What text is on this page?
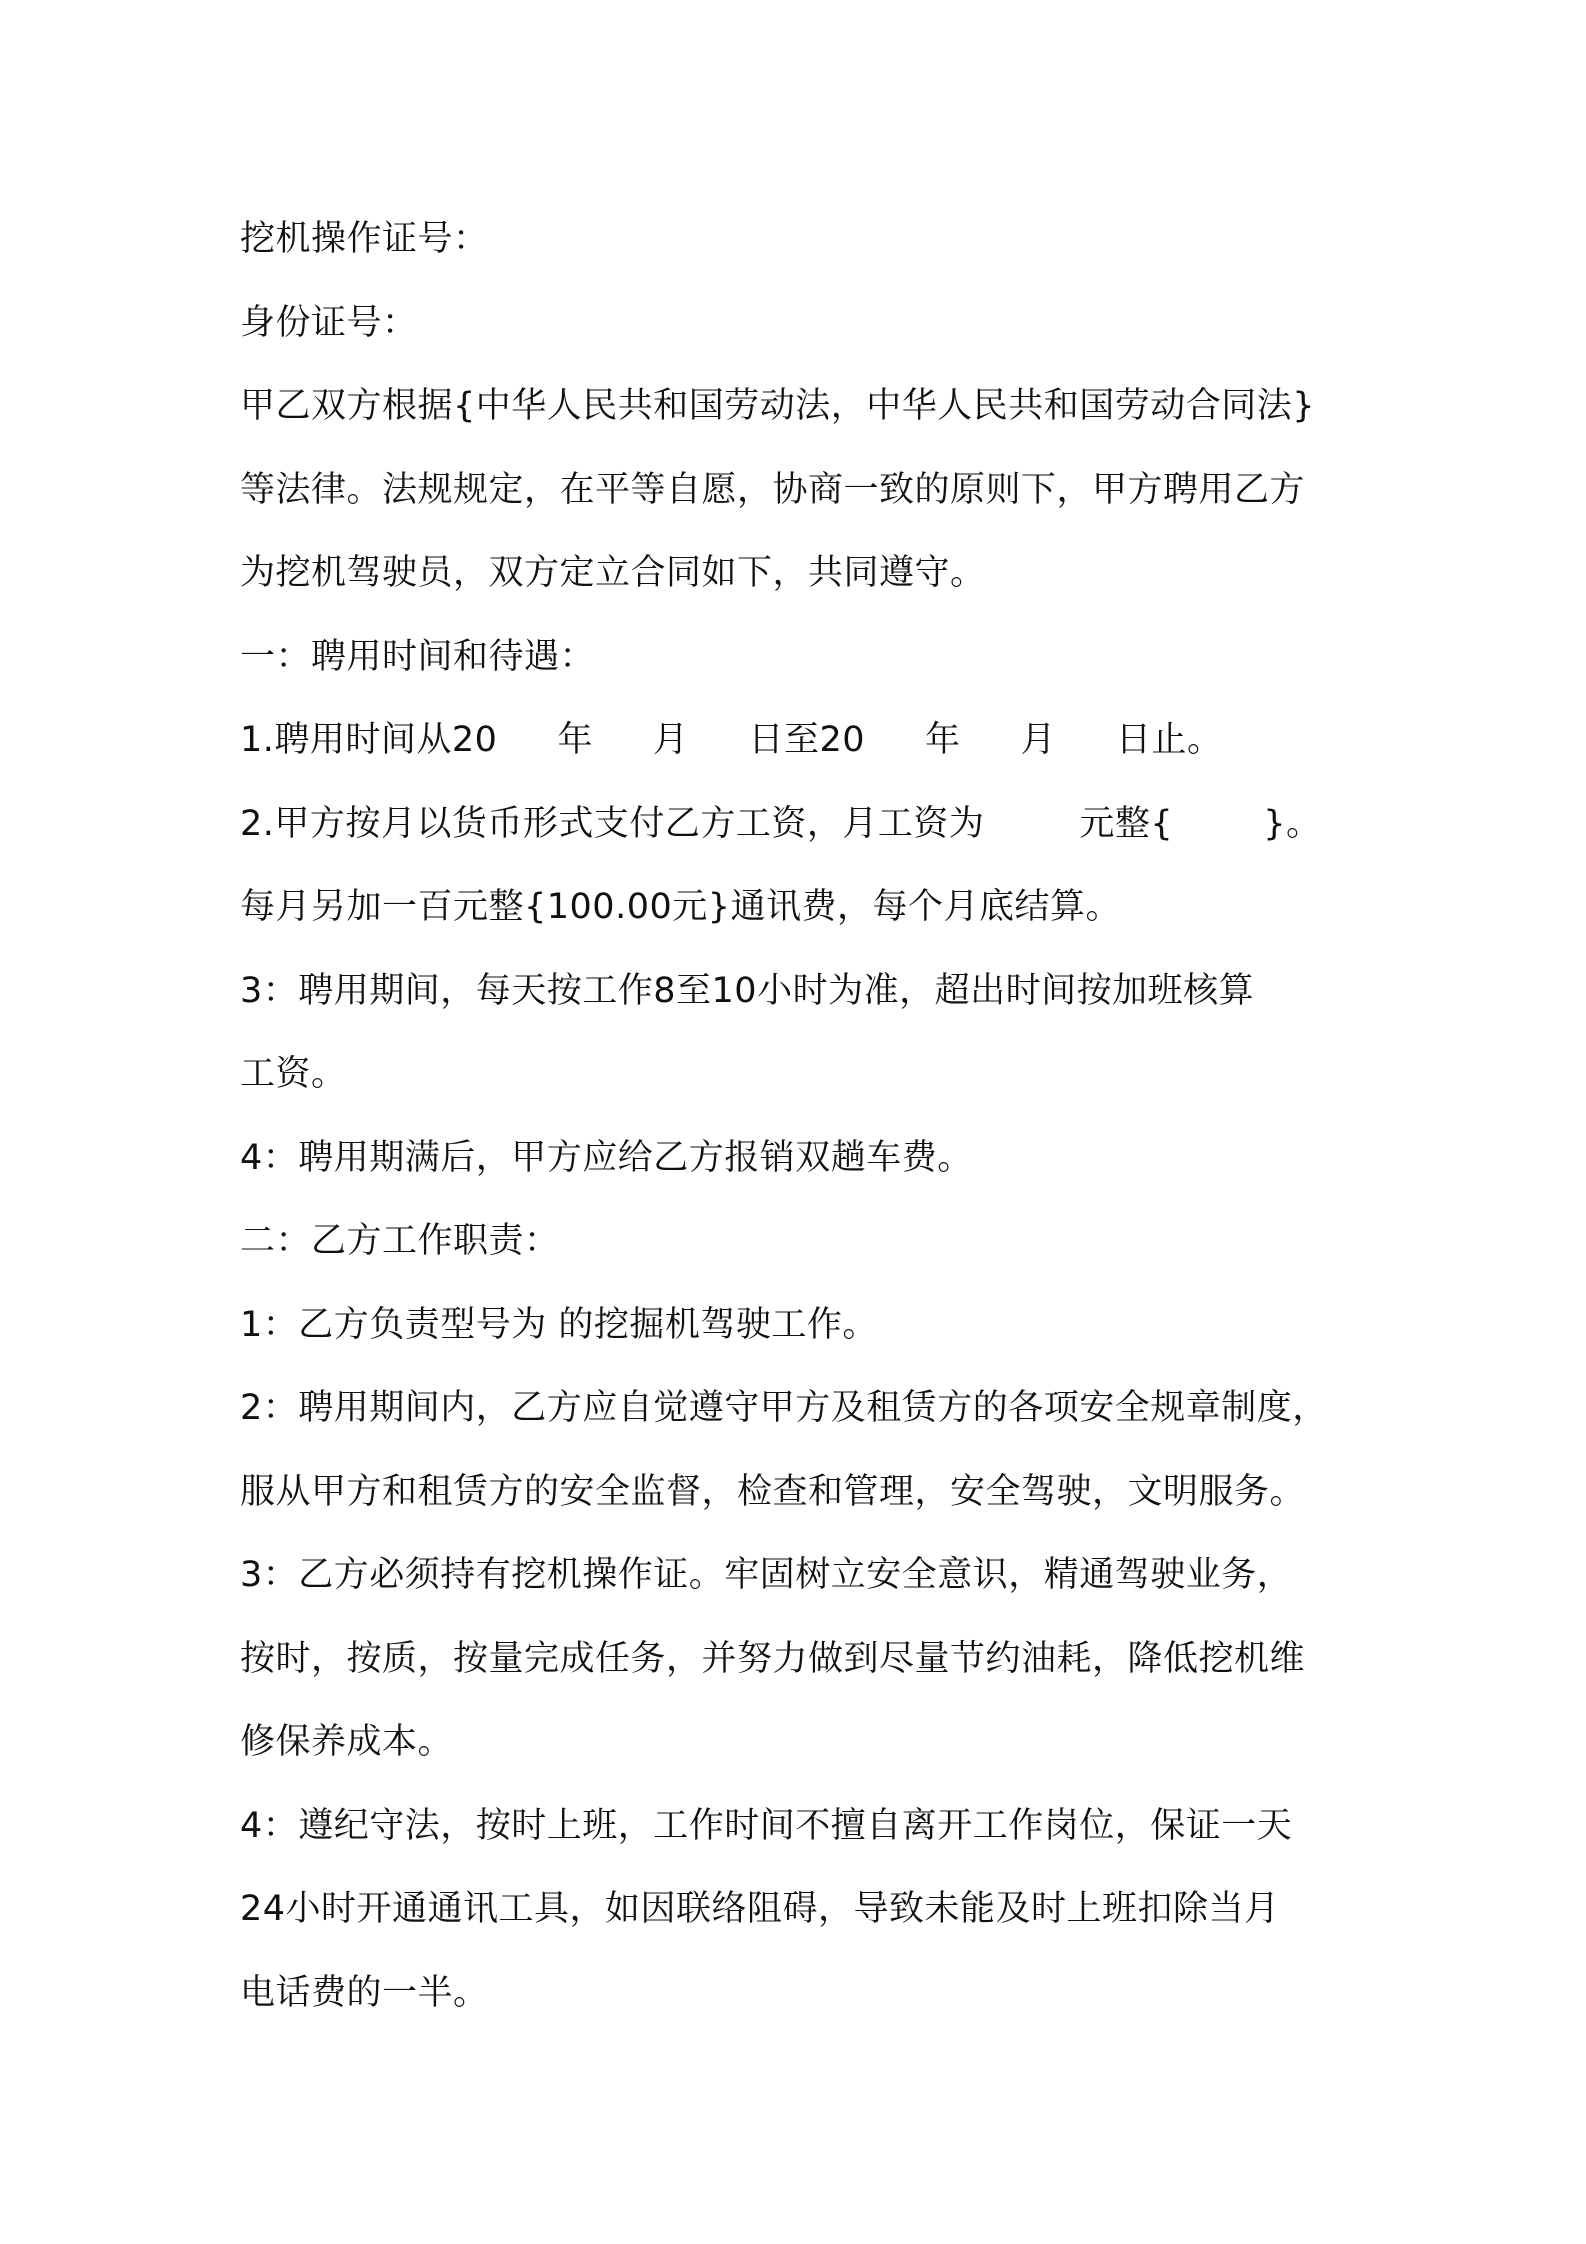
挖机操作证号：
身份证号：
甲乙双方根据{中华人民共和国劳动法，中华人民共和国劳动合同法}
等法律。法规规定，在平等自愿，协商一致的原则下，甲方聘用乙方
为挖机驾驶员，双方定立合同如下，共同遵守。
一：聘用时间和待遇：
1.聘用时间从20 年 月 日至20 年 月 日止。
2.甲方按月以货币形式支付乙方工资，月工资为	元整{	}。
每月另加一百元整{100.00元}通讯费，每个月底结算。
3：聘用期间，每天按工作8至10小时为准，超出时间按加班核算
工资。
4：聘用期满后，甲方应给乙方报销双趟车费。
二：乙方工作职责：
1：乙方负责型号为 的挖掘机驾驶工作。
2：聘用期间内，乙方应自觉遵守甲方及租赁方的各项安全规章制度，
服从甲方和租赁方的安全监督，检查和管理，安全驾驶，文明服务。
3：乙方必须持有挖机操作证。牢固树立安全意识，精通驾驶业务，
按时，按质，按量完成任务，并努力做到尽量节约油耗，降低挖机维
修保养成本。
4：遵纪守法，按时上班，工作时间不擅自离开工作岗位，保证一天
24小时开通通讯工具，如因联络阻碍，导致未能及时上班扣除当月
电话费的一半。
